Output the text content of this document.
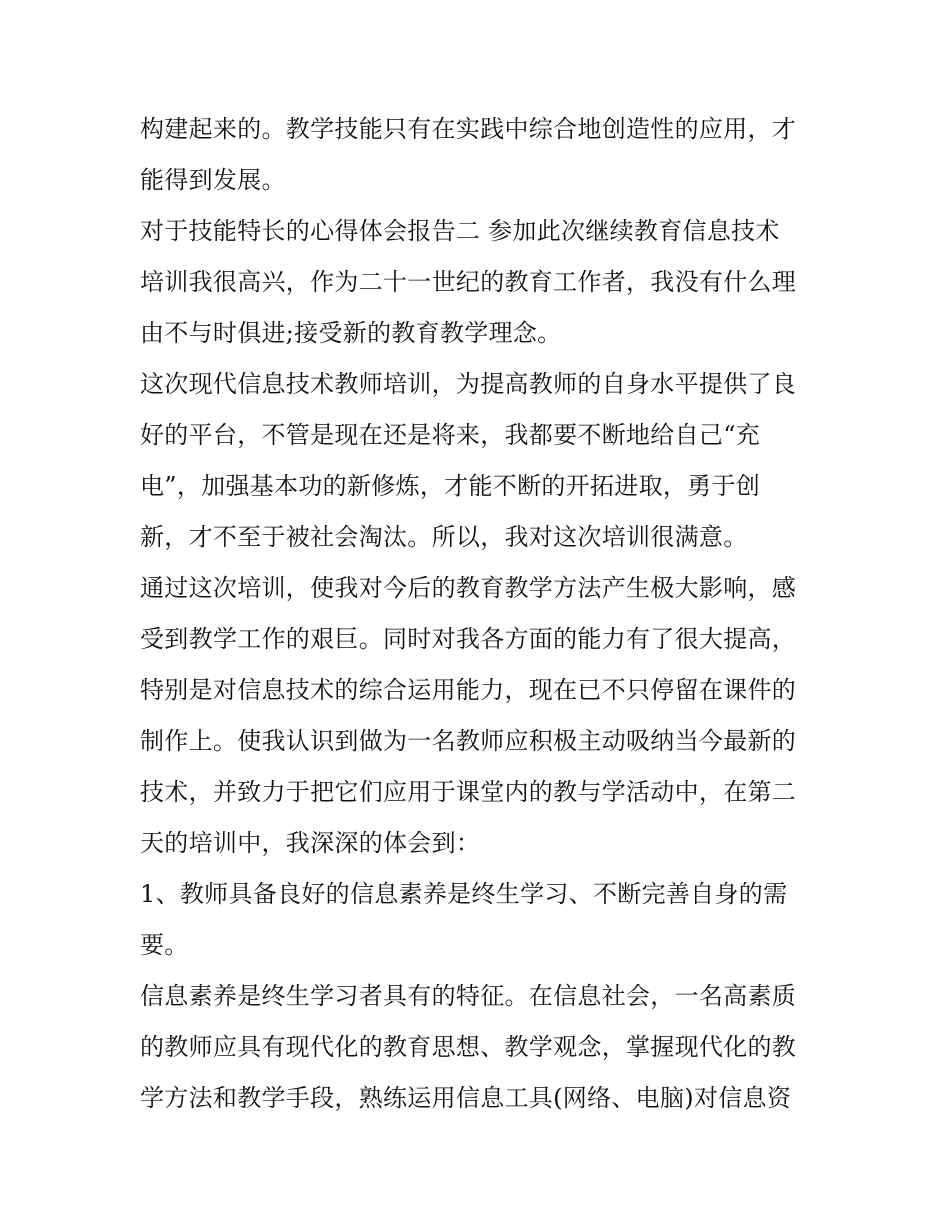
构建起来的。教学技能只有在实践中综合地创造性的应用，才
能得到发展。
对于技能特长的心得体会报告二 参加此次继续教育信息技术
培训我很高兴，作为二十一世纪的教育工作者，我没有什么理
由不与时俱进;接受新的教育教学理念。
这次现代信息技术教师培训，为提高教师的自身水平提供了良
好的平台，不管是现在还是将来，我都要不断地给自己“充
电”，加强基本功的新修炼，才能不断的开拓进取，勇于创
新，才不至于被社会淘汰。所以，我对这次培训很满意。
通过这次培训，使我对今后的教育教学方法产生极大影响，感
受到教学工作的艰巨。同时对我各方面的能力有了很大提高，
特别是对信息技术的综合运用能力，现在已不只停留在课件的
制作上。使我认识到做为一名教师应积极主动吸纳当今最新的
技术，并致力于把它们应用于课堂内的教与学活动中，在第二
天的培训中，我深深的体会到：
1、教师具备良好的信息素养是终生学习、不断完善自身的需
要。
信息素养是终生学习者具有的特征。在信息社会，一名高素质
的教师应具有现代化的教育思想、教学观念，掌握现代化的教
学方法和教学手段，熟练运用信息工具(网络、电脑)对信息资
